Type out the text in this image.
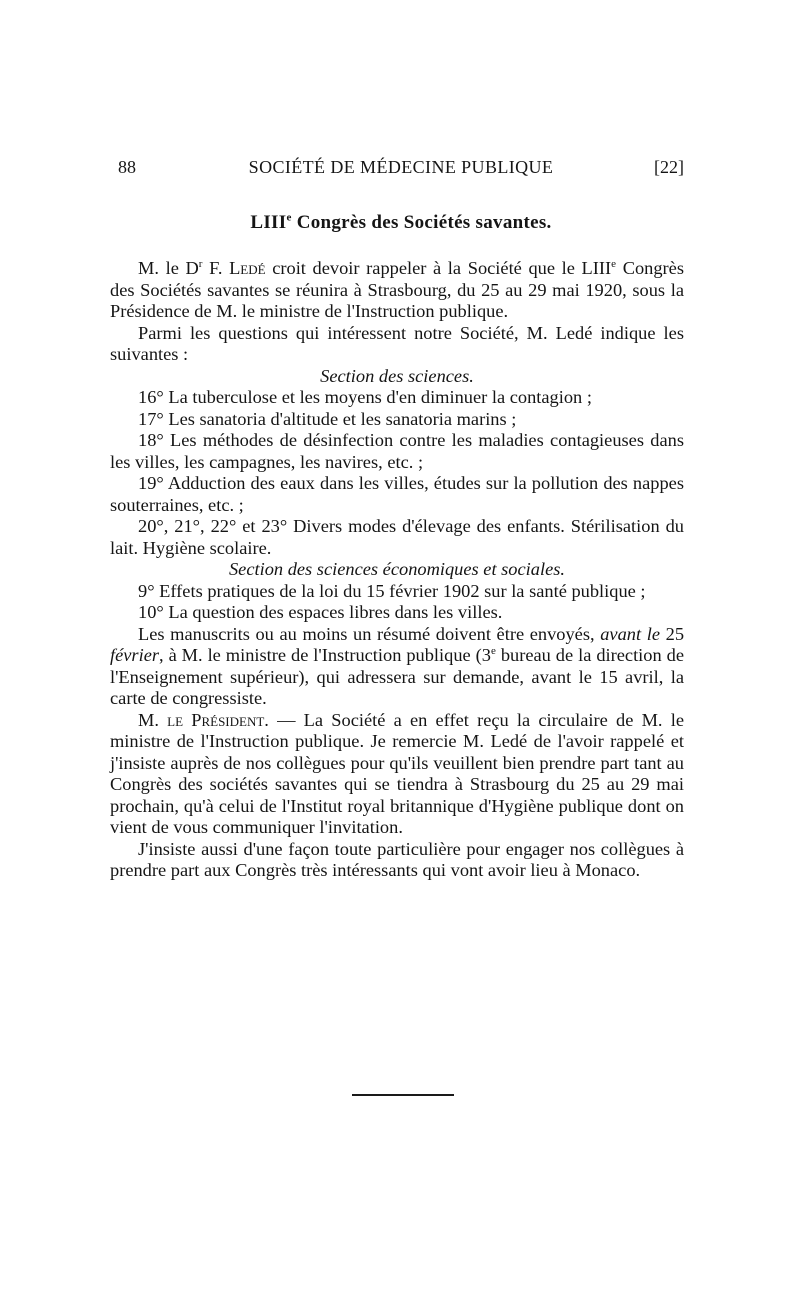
88	SOCIÉTÉ DE MÉDECINE PUBLIQUE	[22]
LIIIe Congrès des Sociétés savantes.

M. le $D^r$ F. Ledé croit devoir rappeler à la Société que le LIIIe Congrès des Sociétés savantes se réunira à Strasbourg, du 25 au 29 mai 1920, sous la Présidence de M. le ministre de l'Instruction publique.

Parmi les questions qui intéressent notre Société, M. Ledé indique les suivantes :

Section des sciences.

16° La tuberculose et les moyens d'en diminuer la contagion ;

17° Les sanatoria d'altitude et les sanatoria marins ;

18° Les méthodes de désinfection contre les maladies contagieuses dans les villes, les campagnes, les navires, etc. ;

19° Adduction des eaux dans les villes, études sur la pollution des nappes souterraines, etc. ;

20°, 21°, 22° et 23° Divers modes d'élevage des enfants. Stérilisation du lait. Hygiène scolaire.

Section des sciences économiques et sociales.

9° Effets pratiques de la loi du 15 février 1902 sur la santé publique ;

10° La question des espaces libres dans les villes.

Les manuscrits ou au moins un résumé doivent être envoyés, avant le 25 février, à M. le ministre de l'Instruction publique (3e bureau de la direction de l'Enseignement supérieur), qui adressera sur demande, avant le 15 avril, la carte de congressiste.

M. le Président. — La Société a en effet reçu la circulaire de M. le ministre de l'Instruction publique. Je remercie M. Ledé de l'avoir rappelé et j'insiste auprès de nos collègues pour qu'ils veuillent bien prendre part tant au Congrès des sociétés savantes qui se tiendra à Strasbourg du 25 au 29 mai prochain, qu'à celui de l'Institut royal britannique d'Hygiène publique dont on vient de vous communiquer l'invitation.

J'insiste aussi d'une façon toute particulière pour engager nos collègues à prendre part aux Congrès très intéressants qui vont avoir lieu à Monaco.
